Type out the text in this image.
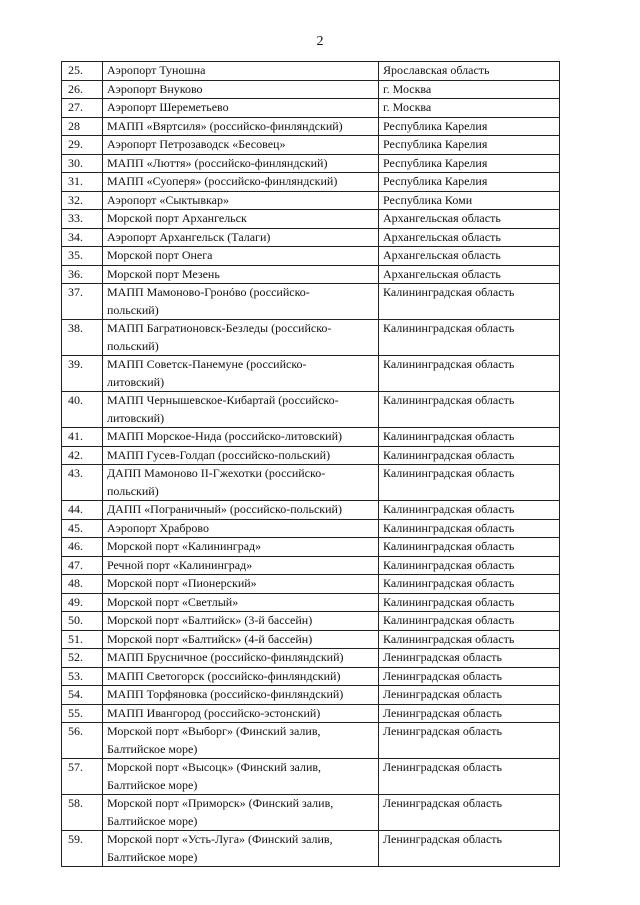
2
25.	Аэропорт Туношна	Ярославская область
26.	Аэропорт Внуково	г. Москва
27.	Аэропорт Шереметьево	г. Москва
28	МАПП «Вяртсиля» (российско-финляндский)	Республика Карелия
29.	Аэропорт Петрозаводск «Бесовец»	Республика Карелия
30.	МАПП «Люття» (российско-финляндский)	Республика Карелия
31.	МАПП «Суоперя» (российско-финляндский)	Республика Карелия
32.	Аэропорт «Сыктывкар»	Республика Коми
33.	Морской порт Архангельск	Архангельская область
34.	Аэропорт Архангельск (Талаги)	Архангельская область
35.	Морской порт Онега	Архангельская область
36.	Морской порт Мезень	Архангельская область
37.	МАПП Мамоново-Гронóво (российско-
польский)	Калининградская область
38.	МАПП Багратионовск-Безледы (российско-
польский)	Калининградская область
39.	МАПП Советск-Панемуне (российско-
литовский)	Калининградская область
40.	МАПП Чернышевское-Кибартай (российско-
литовский)	Калининградская область
41.	МАПП Морское-Нида (российско-литовский)	Калининградская область
42.	МАПП Гусев-Голдап (российско-польский)	Калининградская область
43.	ДАПП Мамоново II-Гжехотки (российско-
польский)	Калининградская область
44.	ДАПП «Пограничный» (российско-польский)	Калининградская область
45.	Аэропорт Храброво	Калининградская область
46.	Морской порт «Калининград»	Калининградская область
47.	Речной порт «Калининград»	Калининградская область
48.	Морской порт «Пионерский»	Калининградская область
49.	Морской порт «Светлый»	Калининградская область
50.	Морской порт «Балтийск» (3-й бассейн)	Калининградская область
51.	Морской порт «Балтийск» (4-й бассейн)	Калининградская область
52.	МАПП Брусничное (российско-финляндский)	Ленинградская область
53.	МАПП Светогорск (российско-финляндский)	Ленинградская область
54.	МАПП Торфяновка (российско-финляндский)	Ленинградская область
55.	МАПП Ивангород (российско-эстонский)	Ленинградская область
56.	Морской порт «Выборг» (Финский залив,
Балтийское море)	Ленинградская область
57.	Морской порт «Высоцк» (Финский залив,
Балтийское море)	Ленинградская область
58.	Морской порт «Приморск» (Финский залив,
Балтийское море)	Ленинградская область
59.	Морской порт «Усть-Луга» (Финский залив,
Балтийское море)	Ленинградская область
